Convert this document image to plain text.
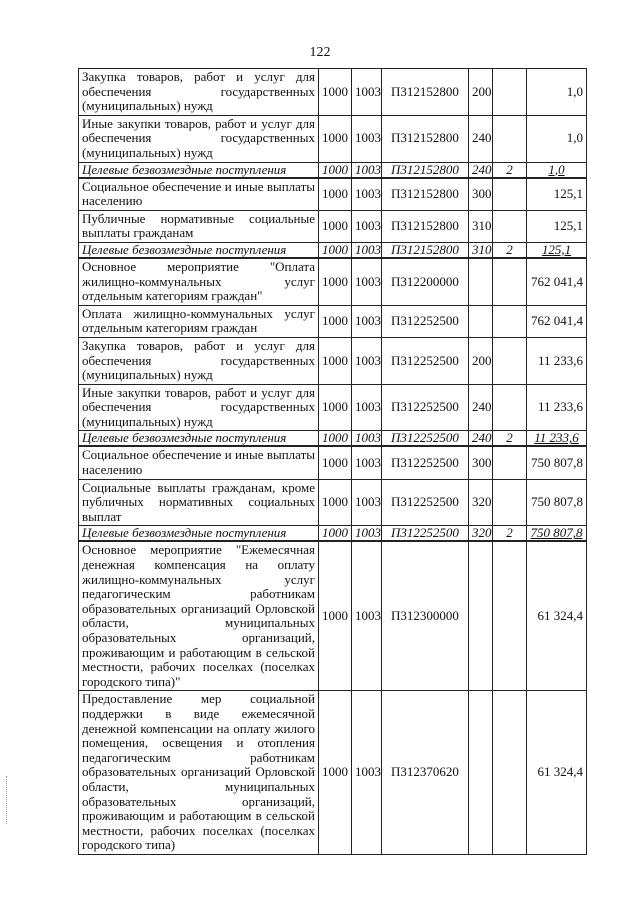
122
Закупка товаров, работ и услуг для обеспечения государственных (муниципальных) нужд	1000	1003	П312152800	200		1,0
Иные закупки товаров, работ и услуг для обеспечения государственных (муниципальных) нужд	1000	1003	П312152800	240		1,0
Целевые безвозмездные поступления	1000	1003	П312152800	240	2	1,0
Социальное обеспечение и иные выплаты населению	1000	1003	П312152800	300		125,1
Публичные нормативные социальные выплаты гражданам	1000	1003	П312152800	310		125,1
Целевые безвозмездные поступления	1000	1003	П312152800	310	2	125,1
Основное мероприятие "Оплата жилищно-коммунальных услуг отдельным категориям граждан"	1000	1003	П312200000			762 041,4
Оплата жилищно-коммунальных услуг отдельным категориям граждан	1000	1003	П312252500			762 041,4
Закупка товаров, работ и услуг для обеспечения государственных (муниципальных) нужд	1000	1003	П312252500	200		11 233,6
Иные закупки товаров, работ и услуг для обеспечения государственных (муниципальных) нужд	1000	1003	П312252500	240		11 233,6
Целевые безвозмездные поступления	1000	1003	П312252500	240	2	11 233,6
Социальное обеспечение и иные выплаты населению	1000	1003	П312252500	300		750 807,8
Социальные выплаты гражданам, кроме публичных нормативных социальных выплат	1000	1003	П312252500	320		750 807,8
Целевые безвозмездные поступления	1000	1003	П312252500	320	2	750 807,8
Основное мероприятие "Ежемесячная денежная компенсация на оплату жилищно-коммунальных услуг педагогическим работникам образовательных организаций Орловской области, муниципальных образовательных организаций, проживающим и работающим в сельской местности, рабочих поселках (поселках городского типа)"	1000	1003	П312300000			61 324,4
Предоставление мер социальной поддержки в виде ежемесячной денежной компенсации на оплату жилого помещения, освещения и отопления педагогическим работникам образовательных организаций Орловской области, муниципальных образовательных организаций, проживающим и работающим в сельской местности, рабочих поселках (поселках городского типа)	1000	1003	П312370620			61 324,4
